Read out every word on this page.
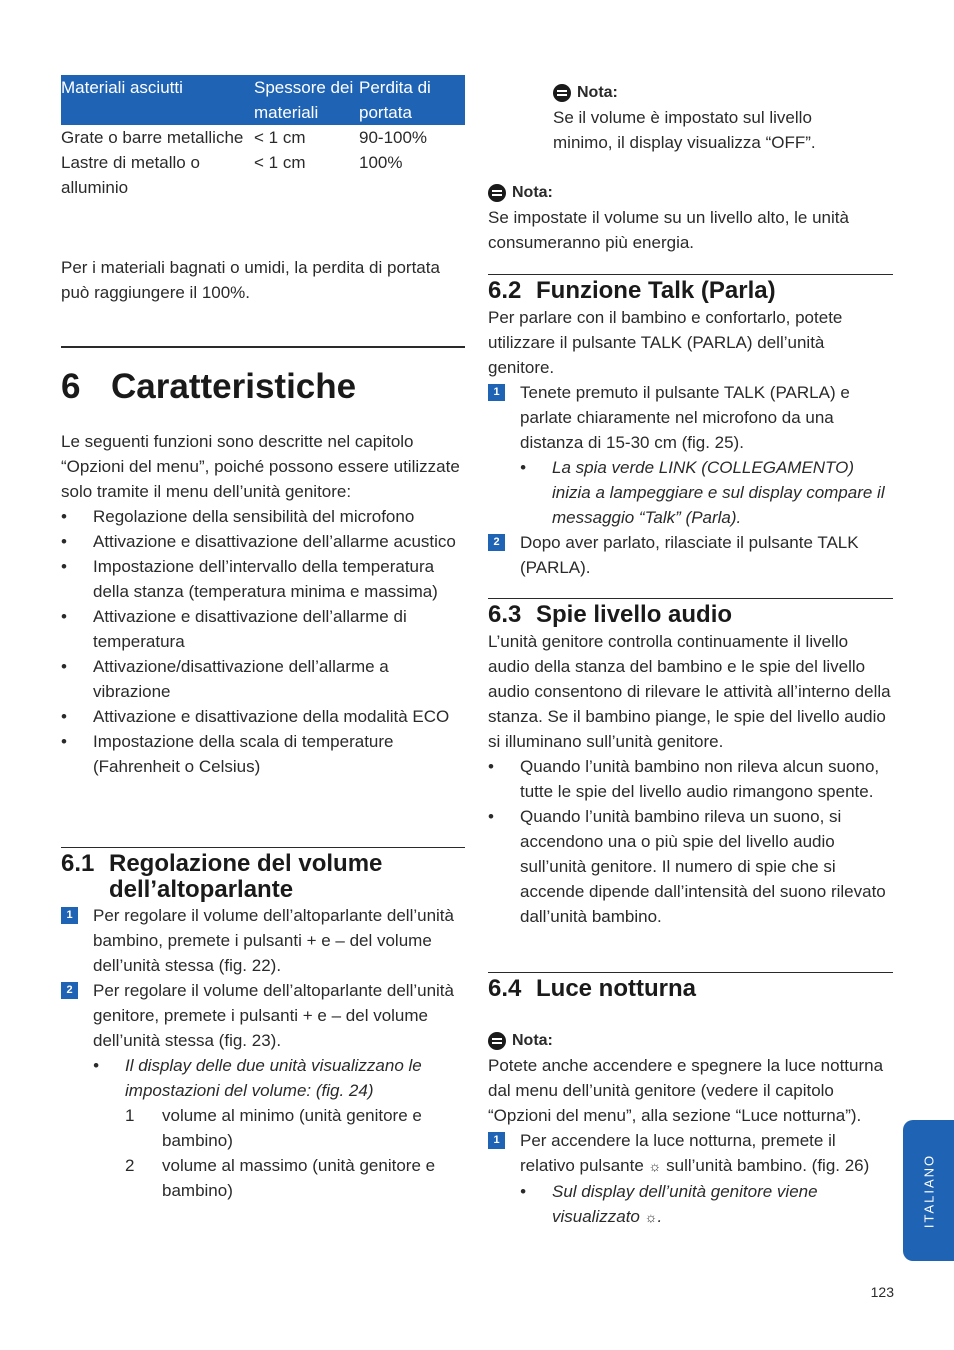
Materiali asciutti	Spessore dei materiali	Perdita di portata
Grate o barre metalliche	< 1 cm	90-100%
Lastre di metallo o alluminio	< 1 cm	100%

Per i materiali bagnati o umidi, la perdita di portata può raggiungere il 100%.

6 Caratteristiche

Le seguenti funzioni sono descritte nel capitolo “Opzioni del menu”, poiché possono essere utilizzate solo tramite il menu dell’unità genitore:

• Regolazione della sensibilità del microfono
• Attivazione e disattivazione dell’allarme acustico
• Impostazione dell’intervallo della temperatura della stanza (temperatura minima e massima)
• Attivazione e disattivazione dell’allarme di temperatura
• Attivazione/disattivazione dell’allarme a vibrazione
• Attivazione e disattivazione della modalità ECO
• Impostazione della scala di temperature (Fahrenheit o Celsius)
6.1 Regolazione del volume
dell’altoparlante
1	Per regolare il volume dell’altoparlante dell’unità bambino, premete i pulsanti + e – del volume dell’unità stessa (fig. 22).
2	Per regolare il volume dell’altoparlante dell’unità genitore, premete i pulsanti + e – del volume dell’unità stessa (fig. 23).
• Il display delle due unità visualizzano le impostazioni del volume: (fig. 24)
1	volume al minimo (unità genitore e bambino)
2	volume al massimo (unità genitore e bambino)
Nota:

Se il volume è impostato sul livello minimo, il display visualizza “OFF”.

Nota:

Se impostate il volume su un livello alto, le unità consumeranno più energia.

6.2 Funzione Talk (Parla)

Per parlare con il bambino e confortarlo, potete utilizzare il pulsante TALK (PARLA) dell’unità genitore.

1	Tenete premuto il pulsante TALK (PARLA) e parlate chiaramente nel microfono da una distanza di 15-30 cm (fig. 25).
• La spia verde LINK (COLLEGAMENTO) inizia a lampeggiare e sul display compare il messaggio “Talk” (Parla).
2	Dopo aver parlato, rilasciate il pulsante TALK (PARLA).
6.3 Spie livello audio

L’unità genitore controlla continuamente il livello audio della stanza del bambino e le spie del livello audio consentono di rilevare le attività all’interno della stanza. Se il bambino piange, le spie del livello audio si illuminano sull’unità genitore.

• Quando l’unità bambino non rileva alcun suono, tutte le spie del livello audio rimangono spente.
• Quando l’unità bambino rileva un suono, si accendono una o più spie del livello audio sull’unità genitore. Il numero di spie che si accende dipende dall’intensità del suono rilevato dall’unità bambino.
6.4 Luce notturna
Nota:

Potete anche accendere e spegnere la luce notturna dal menu dell’unità genitore (vedere il capitolo “Opzioni del menu”, alla sezione “Luce notturna”).

1	Per accendere la luce notturna, premete il relativo pulsante ☼ sull’unità bambino. (fig. 26)
• Sul display dell’unità genitore viene visualizzato ☼.	ITALIANO
123
